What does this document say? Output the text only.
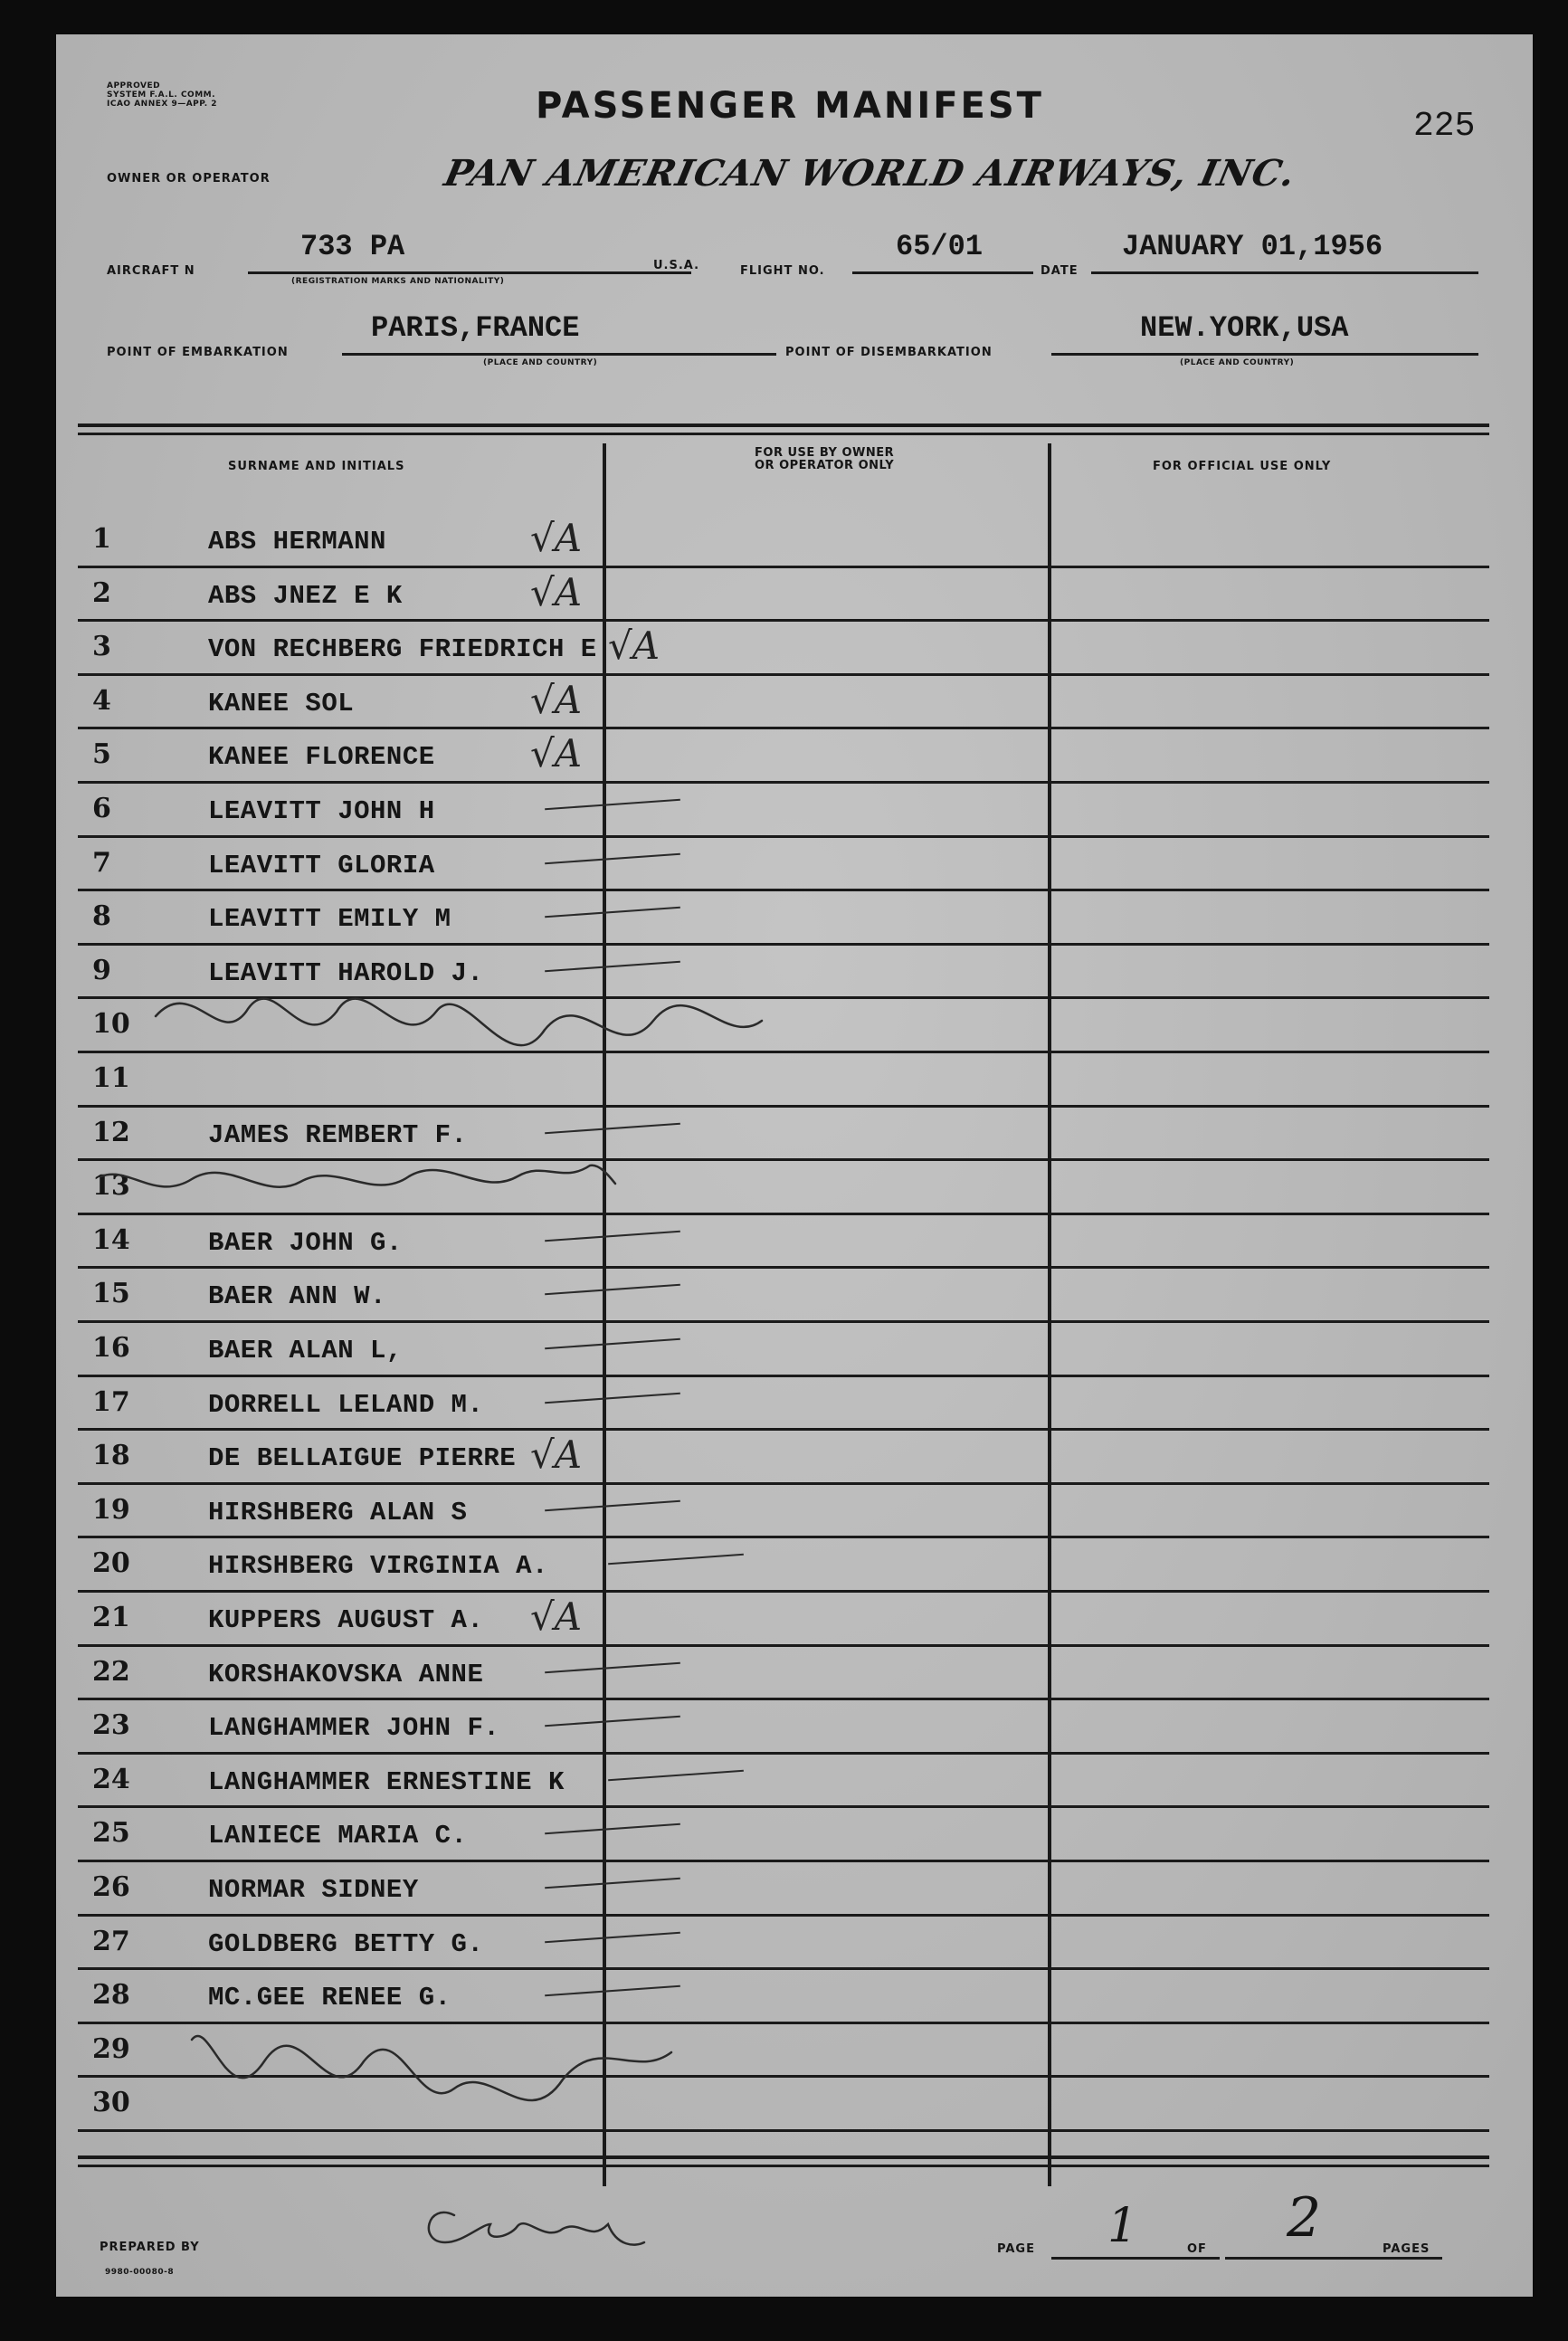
APPROVED
SYSTEM F.A.L. COMM.
ICAO ANNEX 9—APP. 2	PASSENGER MANIFEST	225
OWNER OR OPERATOR	PAN AMERICAN WORLD AIRWAYS, INC.
AIRCRAFT N
733 PA
(REGISTRATION MARKS AND NATIONALITY)
U.S.A.	FLIGHT NO.
65/01
DATE
JANUARY 01,1956
POINT OF EMBARKATION
PARIS,FRANCE
(PLACE AND COUNTRY)
POINT OF DISEMBARKATION
NEW.YORK,USA
(PLACE AND COUNTRY)
SURNAME AND INITIALS
FOR USE BY OWNER
OR OPERATOR ONLY	FOR OFFICIAL USE ONLY
1	ABS HERMANN	√A
2	ABS JNEZ E K	√A
3	VON RECHBERG FRIEDRICH E √A
4	KANEE SOL	√A
5	KANEE FLORENCE	√A
6	LEAVITT JOHN H
7	LEAVITT GLORIA
8	LEAVITT EMILY M
9	LEAVITT HAROLD J.
10
11
12	JAMES REMBERT F.
13
14	BAER JOHN G.
15	BAER ANN W.
16	BAER ALAN L,
17	DORRELL LELAND M.
18	DE BELLAIGUE PIERRE √A
19	HIRSHBERG ALAN S
20	HIRSHBERG VIRGINIA A.
21	KUPPERS AUGUST A. √A
22	KORSHAKOVSKA ANNE
23	LANGHAMMER JOHN F.
24	LANGHAMMER ERNESTINE K
25	LANIECE MARIA C.
26	NORMAR SIDNEY
27	GOLDBERG BETTY G.
28	MC.GEE RENEE G.
29
30
PREPARED BY
9980-00080-8
PAGE 1	OF 2	PAGES
